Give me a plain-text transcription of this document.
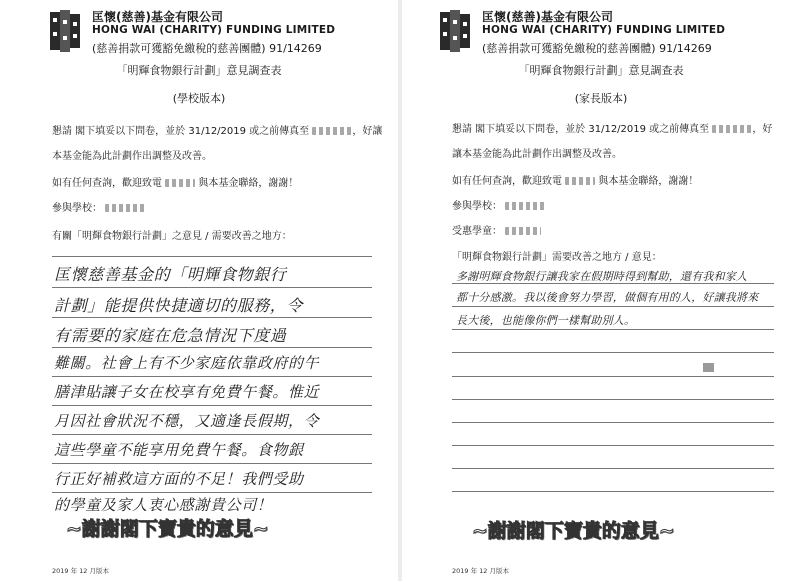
匡懷(慈善)基金有限公司
HONG WAI (CHARITY) FUNDING LIMITED
(慈善捐款可獲豁免繳稅的慈善團體) 91/14269
「明輝食物銀行計劃」意見調查表
(學校版本)
懇請 閣下填妥以下問卷，並於 31/12/2019 或之前傳真至	，好讓
本基金能為此計劃作出調整及改善。
如有任何查詢，歡迎致電	與本基金聯絡，謝謝！
參與學校：
有關「明輝食物銀行計劃」之意見 / 需要改善之地方：
匡懷慈善基金的「明輝食物銀行
計劃」能提供快捷適切的服務，令
有需要的家庭在危急情況下度過
難關。社會上有不少家庭依靠政府的午
膳津貼讓子女在校享有免費午餐。惟近
月因社會狀況不穩，又適逢長假期，令
這些學童不能享用免費午餐。食物銀
行正好補救這方面的不足！我們受助
的學童及家人衷心感謝貴公司！
~謝謝閣下寶貴的意見~
2019 年 12 月版本
匡懷(慈善)基金有限公司
HONG WAI (CHARITY) FUNDING LIMITED
(慈善捐款可獲豁免繳稅的慈善團體) 91/14269
「明輝食物銀行計劃」意見調查表
(家長版本)
懇請 閣下填妥以下問卷，並於 31/12/2019 或之前傳真至	，好
讓本基金能為此計劃作出調整及改善。
如有任何查詢，歡迎致電	與本基金聯絡，謝謝！
參與學校：
受惠學童：
「明輝食物銀行計劃」需要改善之地方 / 意見：
多謝明輝食物銀行讓我家在假期時得到幫助，還有我和家人
都十分感激。我以後會努力學習，做個有用的人，好讓我將來
長大後，也能像你們一樣幫助別人。
~謝謝閣下寶貴的意見~
2019 年 12 月版本
